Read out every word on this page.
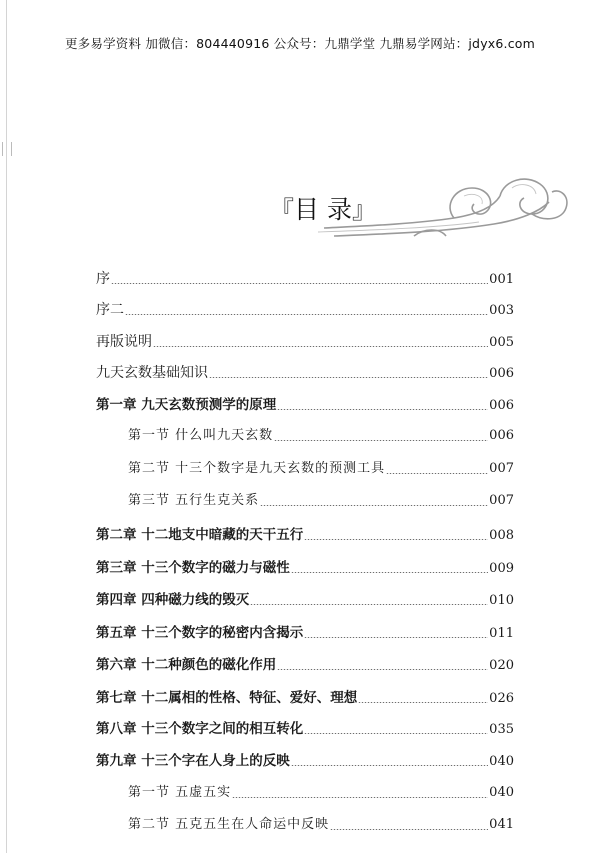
更多易学资料 加微信：804440916 公众号：九鼎学堂 九鼎易学网站：jdyx6.com
『目 录』
序	001
序二	003
再版说明	005
九天玄数基础知识	006
第一章 九天玄数预测学的原理	006
第一节 什么叫九天玄数	006
第二节 十三个数字是九天玄数的预测工具	007
第三节 五行生克关系	007
第二章 十二地支中暗藏的天干五行	008
第三章 十三个数字的磁力与磁性	009
第四章 四种磁力线的毁灭	010
第五章 十三个数字的秘密内含揭示	011
第六章 十二种颜色的磁化作用	020
第七章 十二属相的性格、特征、爱好、理想	026
第八章 十三个数字之间的相互转化	035
第九章 十三个字在人身上的反映	040
第一节 五虚五实	040
第二节 五克五生在人命运中反映	041
